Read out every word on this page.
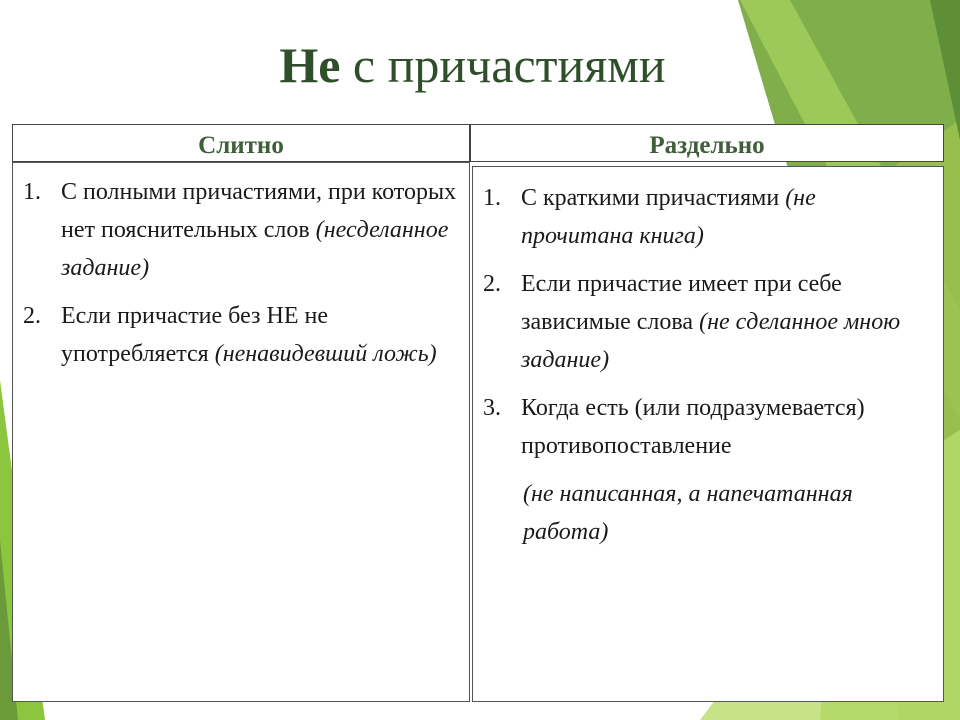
Не с причастиями
Слитно	Раздельно
1. С полными причастиями, при которых нет пояснительных слов (несделанное задание)
2. Если причастие без НЕ не употребляется (ненавидевший ложь)
1. С краткими причастиями (не прочитана книга)
2. Если причастие имеет при себе зависимые слова (не сделанное мною задание)
3. Когда есть (или подразумевается) противопоставление
(не написанная, а напечатанная работа)
